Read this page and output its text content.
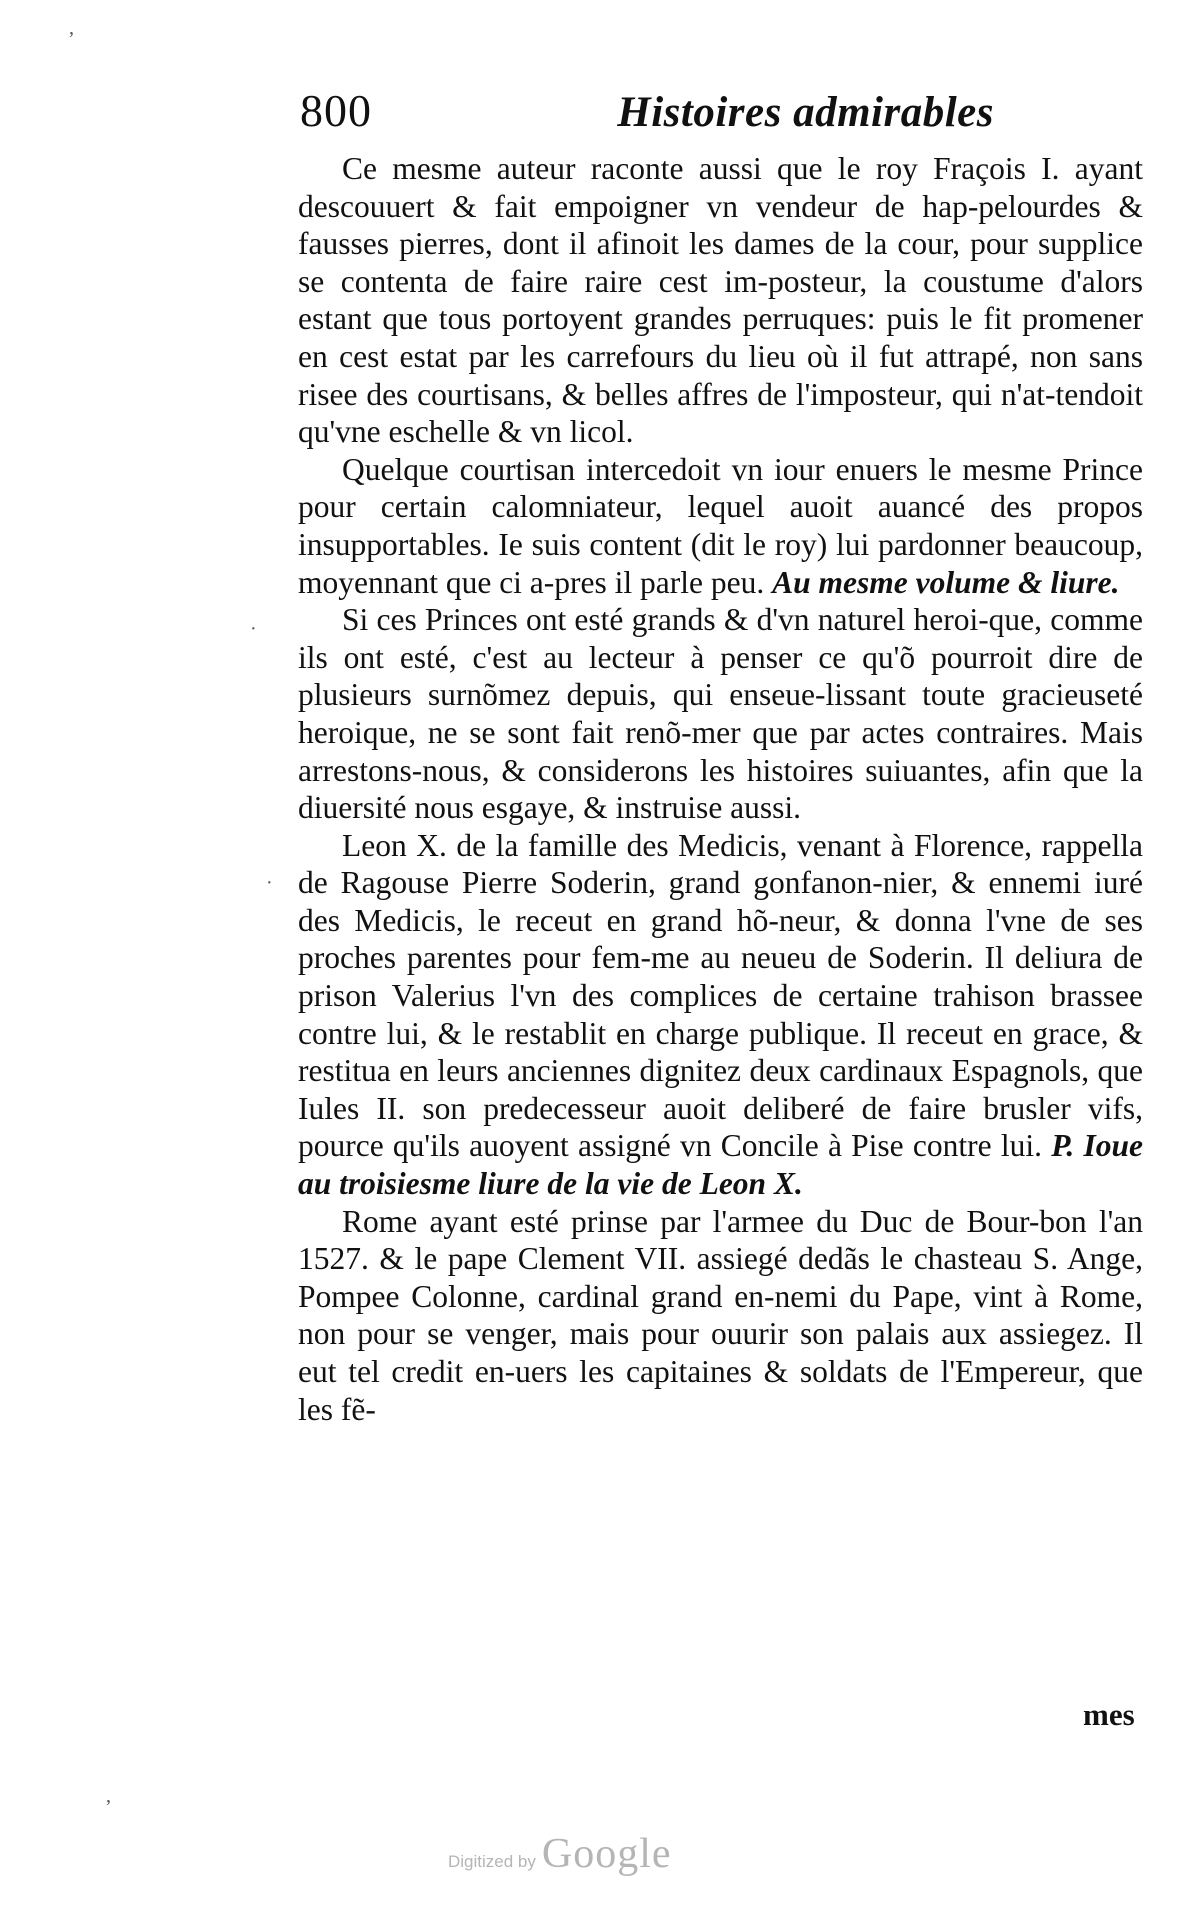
800	Histoires admirables

Ce mesme auteur raconte aussi que le roy Fraçois I. ayant descouuert & fait empoigner vn vendeur de hap-pelourdes & fausses pierres, dont il afinoit les dames de la cour, pour supplice se contenta de faire raire cest im-posteur, la coustume d'alors estant que tous portoyent grandes perruques: puis le fit promener en cest estat par les carrefours du lieu où il fut attrapé, non sans risee des courtisans, & belles affres de l'imposteur, qui n'at-tendoit qu'vne eschelle & vn licol.

Quelque courtisan intercedoit vn iour enuers le mesme Prince pour certain calomniateur, lequel auoit auancé des propos insupportables. Ie suis content (dit le roy) lui pardonner beaucoup, moyennant que ci a-pres il parle peu. Au mesme volume & liure.

Si ces Princes ont esté grands & d'vn naturel heroi-que, comme ils ont esté, c'est au lecteur à penser ce qu'õ pourroit dire de plusieurs surnõmez depuis, qui enseue-lissant toute gracieuseté heroique, ne se sont fait renõ-mer que par actes contraires. Mais arrestons-nous, & considerons les histoires suiuantes, afin que la diuersité nous esgaye, & instruise aussi.

Leon X. de la famille des Medicis, venant à Florence, rappella de Ragouse Pierre Soderin, grand gonfanon-nier, & ennemi iuré des Medicis, le receut en grand hõ-neur, & donna l'vne de ses proches parentes pour fem-me au neueu de Soderin. Il deliura de prison Valerius l'vn des complices de certaine trahison brassee contre lui, & le restablit en charge publique. Il receut en grace, & restitua en leurs anciennes dignitez deux cardinaux Espagnols, que Iules II. son predecesseur auoit deliberé de faire brusler vifs, pource qu'ils auoyent assigné vn Concile à Pise contre lui. P. Ioue au troisiesme liure de la vie de Leon X.

Rome ayant esté prinse par l'armee du Duc de Bour-bon l'an 1527. & le pape Clement VII. assiegé dedãs le chasteau S. Ange, Pompee Colonne, cardinal grand en-nemi du Pape, vint à Rome, non pour se venger, mais pour ouurir son palais aux assiegez. Il eut tel credit en-uers les capitaines & soldats de l'Empereur, que les fẽ-

mes
’
·
·
‚
Digitized by Google
